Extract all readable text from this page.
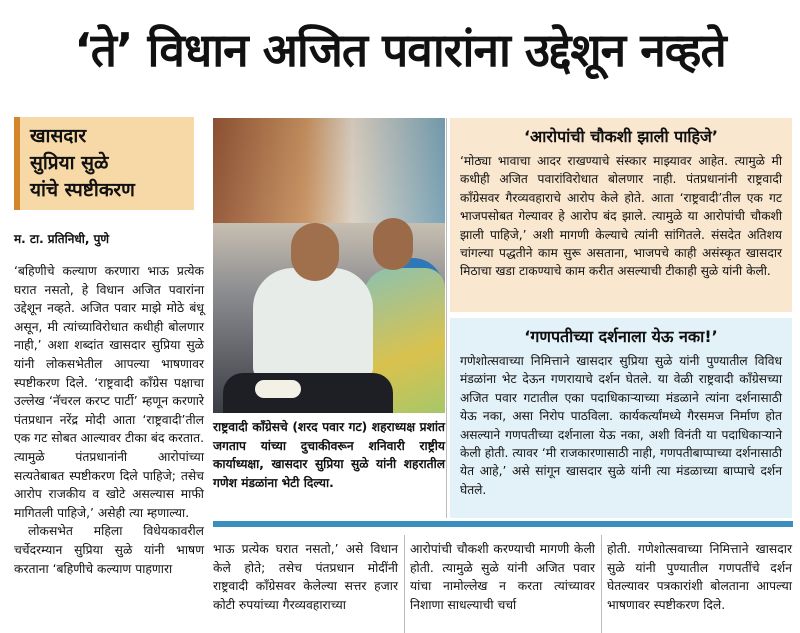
‘ते’ विधान अजित पवारांना उद्देशून नव्हते
खासदार
सुप्रिया सुळे
यांचे स्पष्टीकरण
म. टा. प्रतिनिधी, पुणे

‘बहिणीचे कल्याण करणारा भाऊ प्रत्येक घरात नसतो, हे विधान अजित पवारांना उद्देशून नव्हते. अजित पवार माझे मोठे बंधू असून, मी त्यांच्याविरोधात कधीही बोलणार नाही,’ अशा शब्दांत खासदार सुप्रिया सुळे यांनी लोकसभेतील आपल्या भाषणावर स्पष्टीकरण दिले. ‘राष्ट्रवादी काँग्रेस पक्षाचा उल्लेख ‘नॅचरल करप्ट पार्टी’ म्हणून करणारे पंतप्रधान नरेंद्र मोदी आता ‘राष्ट्रवादी’तील एक गट सोबत आल्यावर टीका बंद करतात. त्यामुळे पंतप्रधानांनी आरोपांच्या सत्यतेबाबत स्पष्टीकरण दिले पाहिजे; तसेच आरोप राजकीय व खोटे असल्यास माफी मागितली पाहिजे,’ असेही त्या म्हणाल्या.

लोकसभेत महिला विधेयकावरील चर्चेदरम्यान सुप्रिया सुळे यांनी भाषण करताना ‘बहिणीचे कल्याण पाहणारा

राष्ट्रवादी काँग्रेसचे (शरद पवार गट) शहराध्यक्ष प्रशांत जगताप यांच्या दुचाकीवरून शनिवारी राष्ट्रीय कार्याध्यक्षा, खासदार सुप्रिया सुळे यांनी शहरातील गणेश मंडळांना भेटी दिल्या.
‘आरोपांची चौकशी झाली पाहिजे’
‘मोठ्या भावाचा आदर राखण्याचे संस्कार माझ्यावर आहेत. त्यामुळे मी कधीही अजित पवारांविरोधात बोलणार नाही. पंतप्रधानांनी राष्ट्रवादी काँग्रेसवर गैरव्यवहाराचे आरोप केले होते. आता ‘राष्ट्रवादी’तील एक गट भाजपसोबत गेल्यावर हे आरोप बंद झाले. त्यामुळे या आरोपांची चौकशी झाली पाहिजे,’ अशी मागणी केल्याचे त्यांनी सांगितले. संसदेत अतिशय चांगल्या पद्धतीने काम सुरू असताना, भाजपचे काही असंस्कृत खासदार मिठाचा खडा टाकण्याचे काम करीत असल्याची टीकाही सुळे यांनी केली.
‘गणपतीच्या दर्शनाला येऊ नका!’
गणेशोत्सवाच्या निमित्ताने खासदार सुप्रिया सुळे यांनी पुण्यातील विविध मंडळांना भेट देऊन गणरायाचे दर्शन घेतले. या वेळी राष्ट्रवादी काँग्रेसच्या अजित पवार गटातील एका पदाधिकाऱ्याच्या मंडळाने त्यांना दर्शनासाठी येऊ नका, असा निरोप पाठविला. कार्यकर्त्यांमध्ये गैरसमज निर्माण होत असल्याने गणपतीच्या दर्शनाला येऊ नका, अशी विनंती या पदाधिकाऱ्याने केली होती. त्यावर ‘मी राजकारणासाठी नाही, गणपतीबाप्पाच्या दर्शनासाठी येत आहे,’ असे सांगून खासदार सुळे यांनी त्या मंडळाच्या बाप्पाचे दर्शन घेतले.
भाऊ प्रत्येक घरात नसतो,’ असे विधान केले होते; तसेच पंतप्रधान मोदींनी राष्ट्रवादी काँग्रेसवर केलेल्या सत्तर हजार कोटी रुपयांच्या गैरव्यवहाराच्या
आरोपांची चौकशी करण्याची मागणी केली होती. त्यामुळे सुळे यांनी अजित पवार यांचा नामोल्लेख न करता त्यांच्यावर निशाणा साधल्याची चर्चा
होती. गणेशोत्सवाच्या निमित्ताने खासदार सुळे यांनी पुण्यातील गणपतींचे दर्शन घेतल्यावर पत्रकारांशी बोलताना आपल्या भाषणावर स्पष्टीकरण दिले.
